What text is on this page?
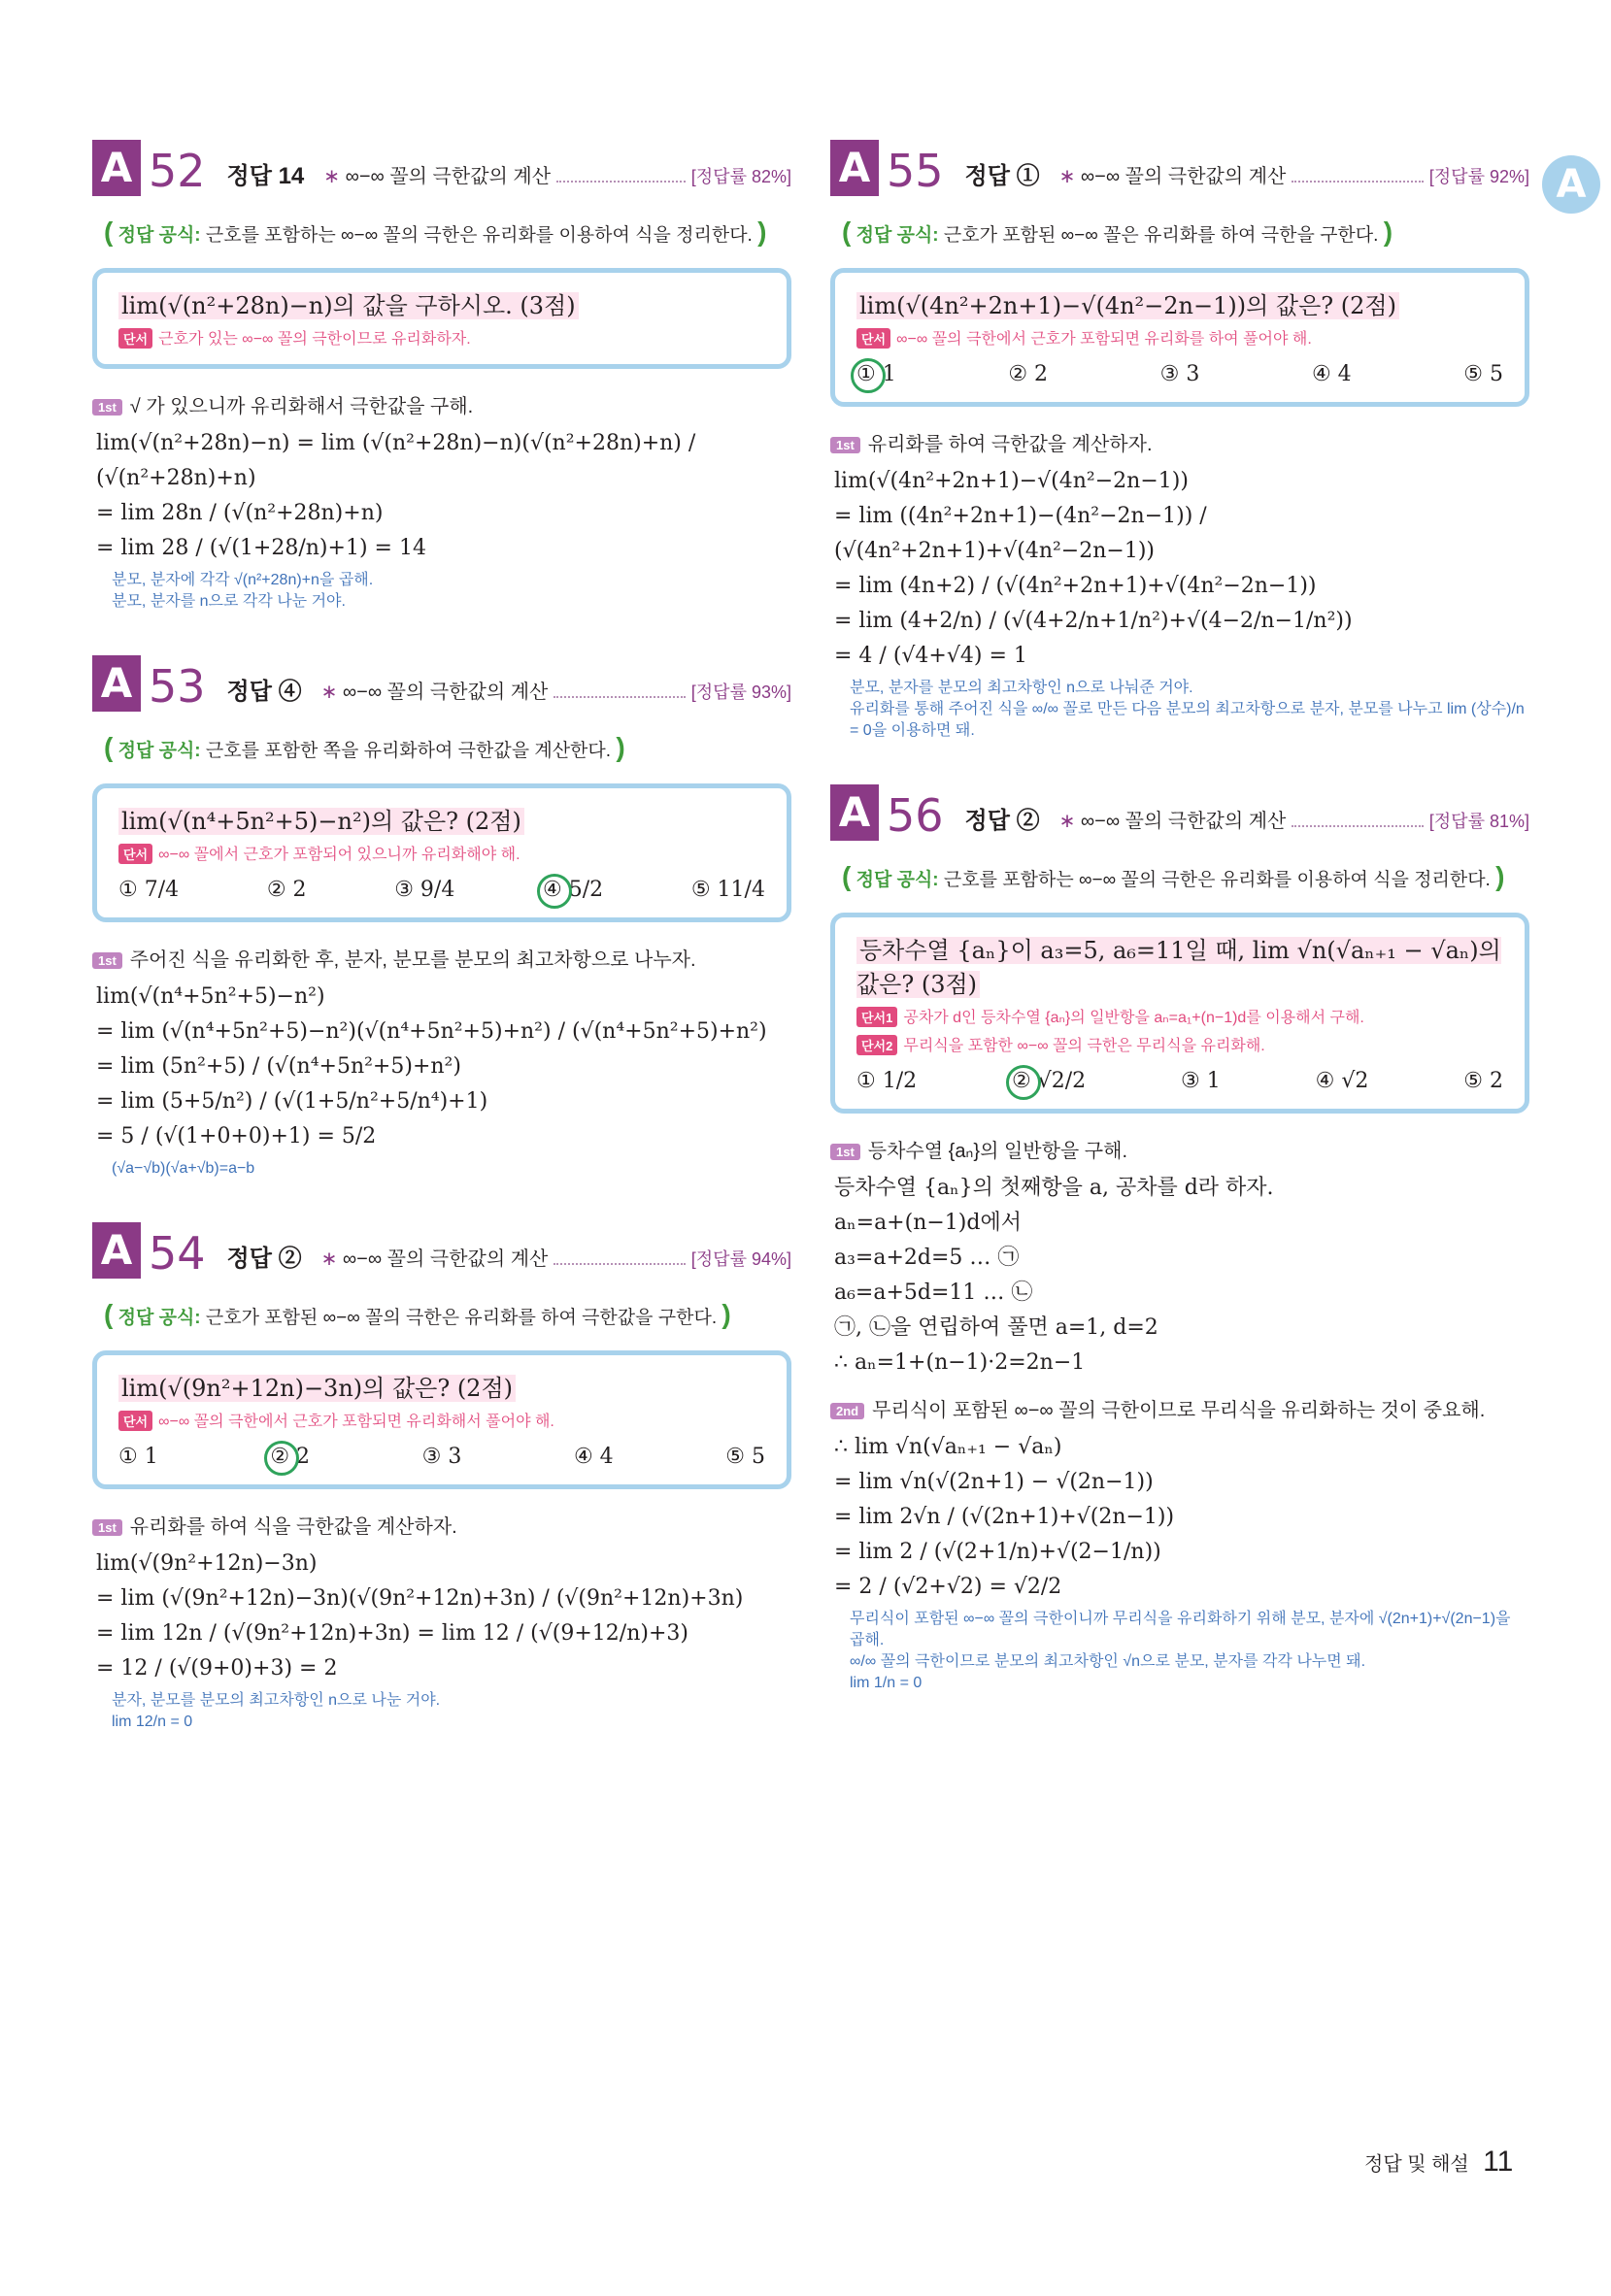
A
A 52 정답 14 ∗ ∞−∞ 꼴의 극한값의 계산	[정답률 82%]
( 정답 공식: 근호를 포함하는 ∞−∞ 꼴의 극한은 유리화를 이용하여 식을 정리한다. )
lim(√(n²+28n)−n)의 값을 구하시오. (3점)
단서 근호가 있는 ∞−∞ 꼴의 극한이므로 유리화하자.
1st √ 가 있으니까 유리화해서 극한값을 구해.
lim(√(n²+28n)−n) = lim (√(n²+28n)−n)(√(n²+28n)+n) / (√(n²+28n)+n)
= lim 28n / (√(n²+28n)+n)
= lim 28 / (√(1+28/n)+1) = 14
분모, 분자에 각각 √(n²+28n)+n을 곱해.
분모, 분자를 n으로 각각 나눈 거야.
A 53 정답 ④ ∗ ∞−∞ 꼴의 극한값의 계산	[정답률 93%]
( 정답 공식: 근호를 포함한 쪽을 유리화하여 극한값을 계산한다. )
lim(√(n⁴+5n²+5)−n²)의 값은? (2점)
단서 ∞−∞ 꼴에서 근호가 포함되어 있으니까 유리화해야 해.
① 7/4	② 2	③ 9/4	④ 5/2	⑤ 11/4
1st 주어진 식을 유리화한 후, 분자, 분모를 분모의 최고차항으로 나누자.
lim(√(n⁴+5n²+5)−n²)
= lim (√(n⁴+5n²+5)−n²)(√(n⁴+5n²+5)+n²) / (√(n⁴+5n²+5)+n²)
= lim (5n²+5) / (√(n⁴+5n²+5)+n²)
= lim (5+5/n²) / (√(1+5/n²+5/n⁴)+1)
= 5 / (√(1+0+0)+1) = 5/2
(√a−√b)(√a+√b)=a−b
A 54 정답 ② ∗ ∞−∞ 꼴의 극한값의 계산	[정답률 94%]
( 정답 공식: 근호가 포함된 ∞−∞ 꼴의 극한은 유리화를 하여 극한값을 구한다. )
lim(√(9n²+12n)−3n)의 값은? (2점)
단서 ∞−∞ 꼴의 극한에서 근호가 포함되면 유리화해서 풀어야 해.
① 1	② 2	③ 3	④ 4	⑤ 5
1st 유리화를 하여 식을 극한값을 계산하자.
lim(√(9n²+12n)−3n)
= lim (√(9n²+12n)−3n)(√(9n²+12n)+3n) / (√(9n²+12n)+3n)
= lim 12n / (√(9n²+12n)+3n) = lim 12 / (√(9+12/n)+3)
= 12 / (√(9+0)+3) = 2
분자, 분모를 분모의 최고차항인 n으로 나눈 거야.
lim 12/n = 0
A 55 정답 ① ∗ ∞−∞ 꼴의 극한값의 계산	[정답률 92%]
( 정답 공식: 근호가 포함된 ∞−∞ 꼴은 유리화를 하여 극한을 구한다. )
lim(√(4n²+2n+1)−√(4n²−2n−1))의 값은? (2점)
단서 ∞−∞ 꼴의 극한에서 근호가 포함되면 유리화를 하여 풀어야 해.
① 1	② 2	③ 3	④ 4	⑤ 5
1st 유리화를 하여 극한값을 계산하자.
lim(√(4n²+2n+1)−√(4n²−2n−1))
= lim ((4n²+2n+1)−(4n²−2n−1)) / (√(4n²+2n+1)+√(4n²−2n−1))
= lim (4n+2) / (√(4n²+2n+1)+√(4n²−2n−1))
= lim (4+2/n) / (√(4+2/n+1/n²)+√(4−2/n−1/n²))
= 4 / (√4+√4) = 1
분모, 분자를 분모의 최고차항인 n으로 나눠준 거야.
유리화를 통해 주어진 식을 ∞/∞ 꼴로 만든 다음 분모의 최고차항으로 분자, 분모를 나누고 lim (상수)/n = 0을 이용하면 돼.
A 56 정답 ② ∗ ∞−∞ 꼴의 극한값의 계산	[정답률 81%]
( 정답 공식: 근호를 포함하는 ∞−∞ 꼴의 극한은 유리화를 이용하여 식을 정리한다. )
등차수열 {aₙ}이 a₃=5, a₆=11일 때, lim √n(√aₙ₊₁ − √aₙ)의 값은? (3점)
단서1 공차가 d인 등차수열 {aₙ}의 일반항을 aₙ=a₁+(n−1)d를 이용해서 구해.
단서2 무리식을 포함한 ∞−∞ 꼴의 극한은 무리식을 유리화해.
① 1/2	② √2/2	③ 1	④ √2	⑤ 2
1st 등차수열 {aₙ}의 일반항을 구해.
등차수열 {aₙ}의 첫째항을 a, 공차를 d라 하자.
aₙ=a+(n−1)d에서
a₃=a+2d=5 … ㉠
a₆=a+5d=11 … ㉡
㉠, ㉡을 연립하여 풀면 a=1, d=2
∴ aₙ=1+(n−1)·2=2n−1
2nd 무리식이 포함된 ∞−∞ 꼴의 극한이므로 무리식을 유리화하는 것이 중요해.
∴ lim √n(√aₙ₊₁ − √aₙ)
= lim √n(√(2n+1) − √(2n−1))
= lim 2√n / (√(2n+1)+√(2n−1))
= lim 2 / (√(2+1/n)+√(2−1/n))
= 2 / (√2+√2) = √2/2
무리식이 포함된 ∞−∞ 꼴의 극한이니까 무리식을 유리화하기 위해 분모, 분자에 √(2n+1)+√(2n−1)을 곱해.
∞/∞ 꼴의 극한이므로 분모의 최고차항인 √n으로 분모, 분자를 각각 나누면 돼.
lim 1/n = 0
정답 및 해설 11
